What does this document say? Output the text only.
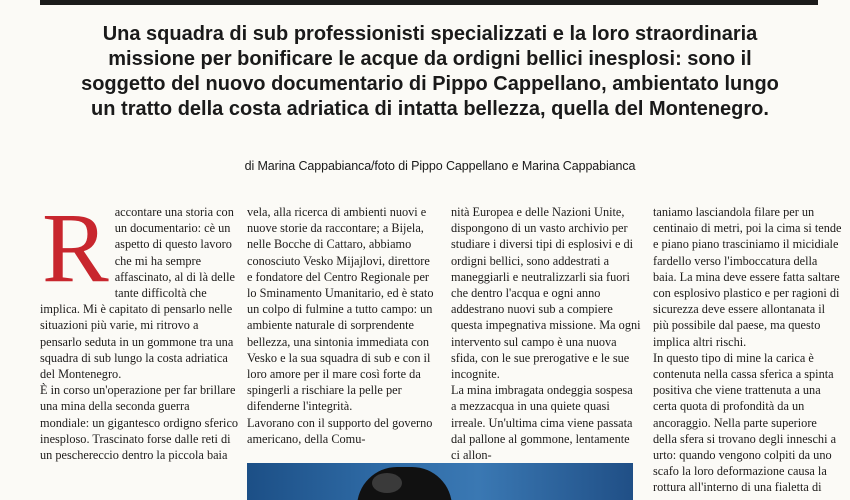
Una squadra di sub professionisti specializzati e la loro straordinaria missione per bonificare le acque da ordigni bellici inesplosi: sono il soggetto del nuovo documentario di Pippo Cappellano, ambientato lungo un tratto della costa adriatica di intatta bellezza, quella del Montenegro.

di Marina Cappabianca/foto di Pippo Cappellano e Marina Cappabianca

R accontare una storia con un documentario: cè un aspetto di questo lavoro che mi ha sempre affascinato, al di là delle tante difficoltà che implica. Mi è capitato di pensarlo nelle situazioni più varie, mi ritrovo a pensarlo seduta in un gommone tra una squadra di sub lungo la costa adriatica del Montenegro.

È in corso un'operazione per far brillare una mina della seconda guerra mondiale: un gigantesco ordigno sferico inesploso. Trascinato forse dalle reti di un peschereccio dentro la piccola baia

vela, alla ricerca di ambienti nuovi e nuove storie da raccontare; a Bijela, nelle Bocche di Cattaro, abbiamo conosciuto Vesko Mijajlovi, direttore e fondatore del Centro Regionale per lo Sminamento Umanitario, ed è stato un colpo di fulmine a tutto campo: un ambiente naturale di sorprendente bellezza, una sintonia immediata con Vesko e la sua squadra di sub e con il loro amore per il mare così forte da spingerli a rischiare la pelle per difenderne l'integrità.

Lavorano con il supporto del governo americano, della Comu-

nità Europea e delle Nazioni Unite, dispongono di un vasto archivio per studiare i diversi tipi di esplosivi e di ordigni bellici, sono addestrati a maneggiarli e neutralizzarli sia fuori che dentro l'acqua e ogni anno addestrano nuovi sub a compiere questa impegnativa missione. Ma ogni intervento sul campo è una nuova sfida, con le sue prerogative e le sue incognite.

La mina imbragata ondeggia sospesa a mezzacqua in una quiete quasi irreale. Un'ultima cima viene passata dal pallone al gommone, lentamente ci allon-

taniamo lasciandola filare per un centinaio di metri, poi la cima si tende e piano piano trasciniamo il micidiale fardello verso l'imboccatura della baia. La mina deve essere fatta saltare con esplosivo plastico e per ragioni di sicurezza deve essere allontanata il più possibile dal paese, ma questo implica altri rischi.

In questo tipo di mine la carica è contenuta nella cassa sferica a spinta positiva che viene trattenuta a una certa quota di profondità da un ancoraggio. Nella parte superiore della sfera si trovano degli inneschi a urto: quando vengono colpiti da uno scafo la loro deformazione causa la rottura all'interno di una fialetta di
